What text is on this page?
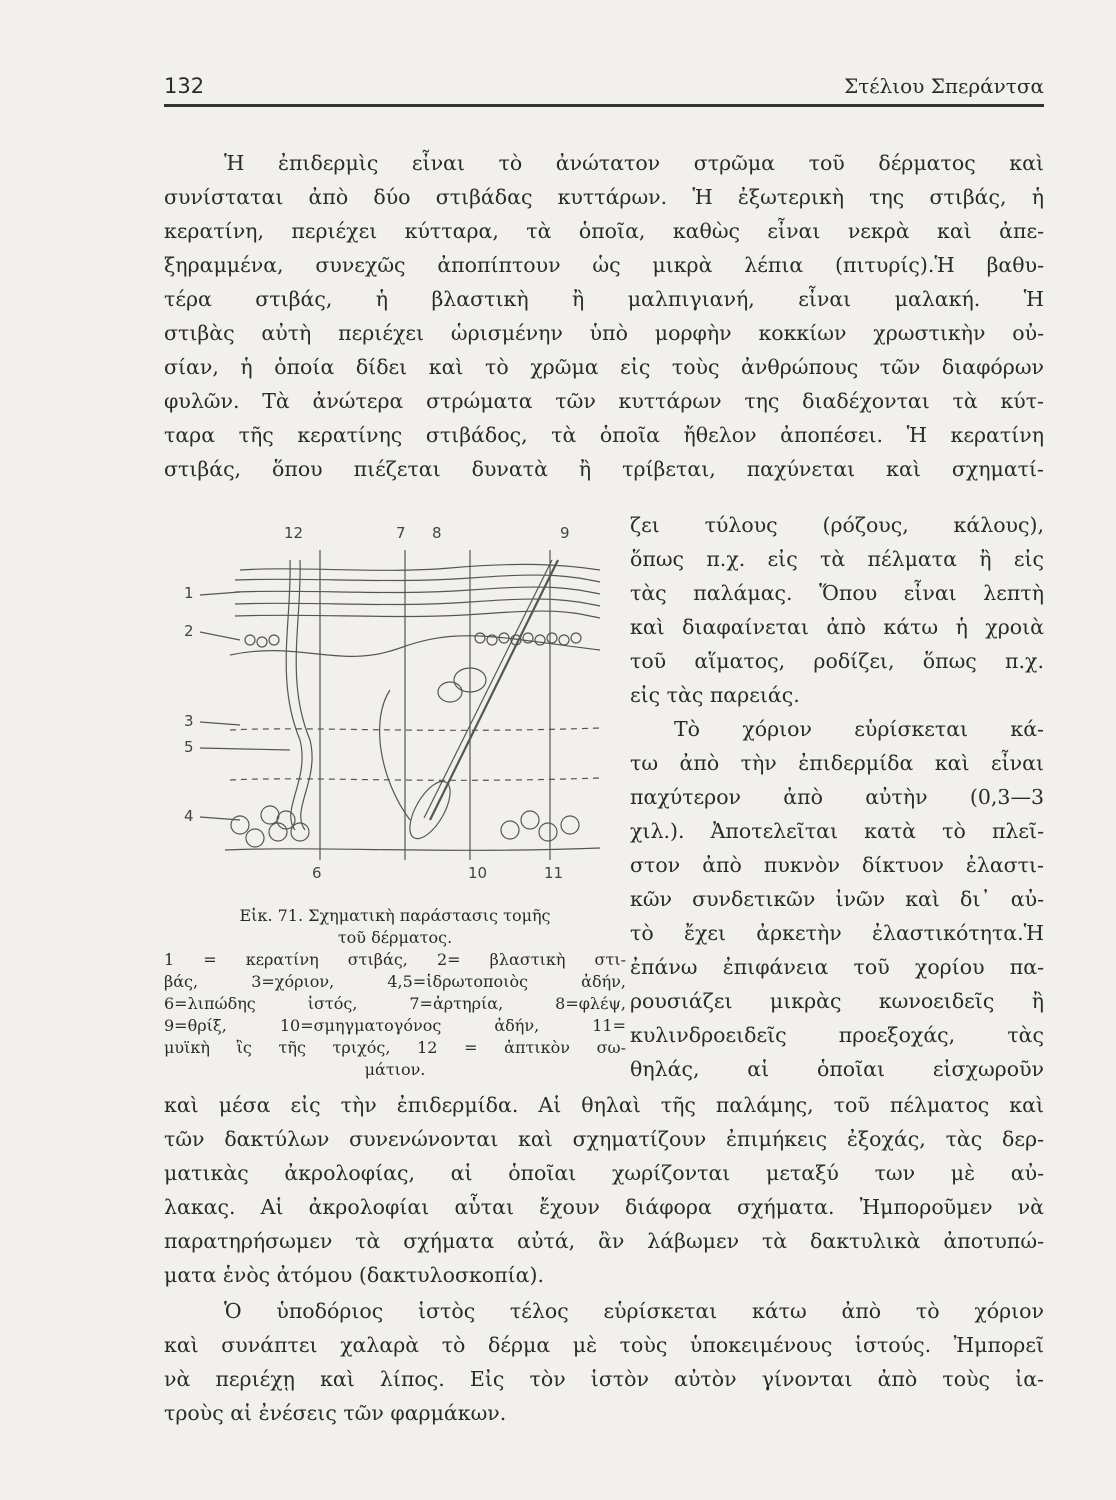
132	Στέλιου Σπεράντσα
Ἡ ἐπιδερμὶς εἶναι τὸ ἀνώτατον στρῶμα τοῦ δέρματος καὶ
συνίσταται ἀπὸ δύο στιβάδας κυττάρων. Ἡ ἐξωτερικὴ της στιβάς, ἡ
κερατίνη, περιέχει κύτταρα, τὰ ὁποῖα, καθὼς εἶναι νεκρὰ καὶ ἀπε-
ξηραμμένα, συνεχῶς ἀποπίπτουν ὡς μικρὰ λέπια (πιτυρίς).Ἡ βαθυ-
τέρα στιβάς, ἡ βλαστικὴ ἢ μαλπιγιανή, εἶναι μαλακή. Ἡ
στιβὰς αὐτὴ περιέχει ὡρισμένην ὑπὸ μορφὴν κοκκίων χρωστικὴν οὐ-
σίαν, ἡ ὁποία δίδει καὶ τὸ χρῶμα εἰς τοὺς ἀνθρώπους τῶν διαφόρων
φυλῶν. Τὰ ἀνώτερα στρώματα τῶν κυττάρων της διαδέχονται τὰ κύτ-
ταρα τῆς κερατίνης στιβάδος, τὰ ὁποῖα ἤθελον ἀποπέσει. Ἡ κερατίνη
στιβάς, ὅπου πιέζεται δυνατὰ ἢ τρίβεται, παχύνεται καὶ σχηματί-
ζει τύλους (ρόζους, κάλους),
ὅπως π.χ. εἰς τὰ πέλματα ἢ εἰς
τὰς παλάμας. Ὅπου εἶναι λεπτὴ
καὶ διαφαίνεται ἀπὸ κάτω ἡ χροιὰ
τοῦ αἵματος, ροδίζει, ὅπως π.χ.
εἰς τὰς παρειάς.
Τὸ χόριον εὑρίσκεται κά-
τω ἀπὸ τὴν ἐπιδερμίδα καὶ εἶναι
παχύτερον ἀπὸ αὐτὴν (0,3—3
χιλ.). Ἀποτελεῖται κατὰ τὸ πλεῖ-
στον ἀπὸ πυκνὸν δίκτυον ἐλαστι-
κῶν συνδετικῶν ἰνῶν καὶ δι᾿ αὐ-
τὸ ἔχει ἀρκετὴν ἐλαστικότητα.Ἡ
ἐπάνω ἐπιφάνεια τοῦ χορίου πα-
ρουσιάζει μικρὰς κωνοειδεῖς ἢ
κυλινδροειδεῖς προεξοχάς, τὰς
θηλάς, αἱ ὁποῖαι εἰσχωροῦν
καὶ μέσα εἰς τὴν ἐπιδερμίδα. Αἱ θηλαὶ τῆς παλάμης, τοῦ πέλματος καὶ
τῶν δακτύλων συνενώνονται καὶ σχηματίζουν ἐπιμήκεις ἐξοχάς, τὰς δερ-
ματικὰς ἀκρολοφίας, αἱ ὁποῖαι χωρίζονται μεταξύ των μὲ αὐ-
λακας. Αἱ ἀκρολοφίαι αὗται ἔχουν διάφορα σχήματα. Ἠμποροῦμεν νὰ
παρατηρήσωμεν τὰ σχήματα αὐτά, ἂν λάβωμεν τὰ δακτυλικὰ ἀποτυπώ-
ματα ἑνὸς ἀτόμου (δακτυλοσκοπία).
Ὁ ὑποδόριος ἱστὸς τέλος εὑρίσκεται κάτω ἀπὸ τὸ χόριον
καὶ συνάπτει χαλαρὰ τὸ δέρμα μὲ τοὺς ὑποκειμένους ἱστούς. Ἠμπορεῖ
νὰ περιέχῃ καὶ λίπος. Εἰς τὸν ἱστὸν αὐτὸν γίνονται ἀπὸ τοὺς ἰα-
τροὺς αἱ ἐνέσεις τῶν φαρμάκων.
12	7 8	9
1
2
3
5
4
6	10	11
Εἰκ. 71. Σχηματικὴ παράστασις τομῆς
τοῦ δέρματος.
1 = κερατίνη στιβάς, 2= βλαστικὴ στι-
βάς, 3=χόριον, 4,5=ἱδρωτοποιὸς ἀδήν,
6=λιπώδης ἱστός, 7=ἀρτηρία, 8=φλέψ,
9=θρίξ, 10=σμηγματογόνος ἀδήν, 11=
μυϊκὴ ἲς τῆς τριχός, 12 = ἁπτικὸν σω-
μάτιον.
